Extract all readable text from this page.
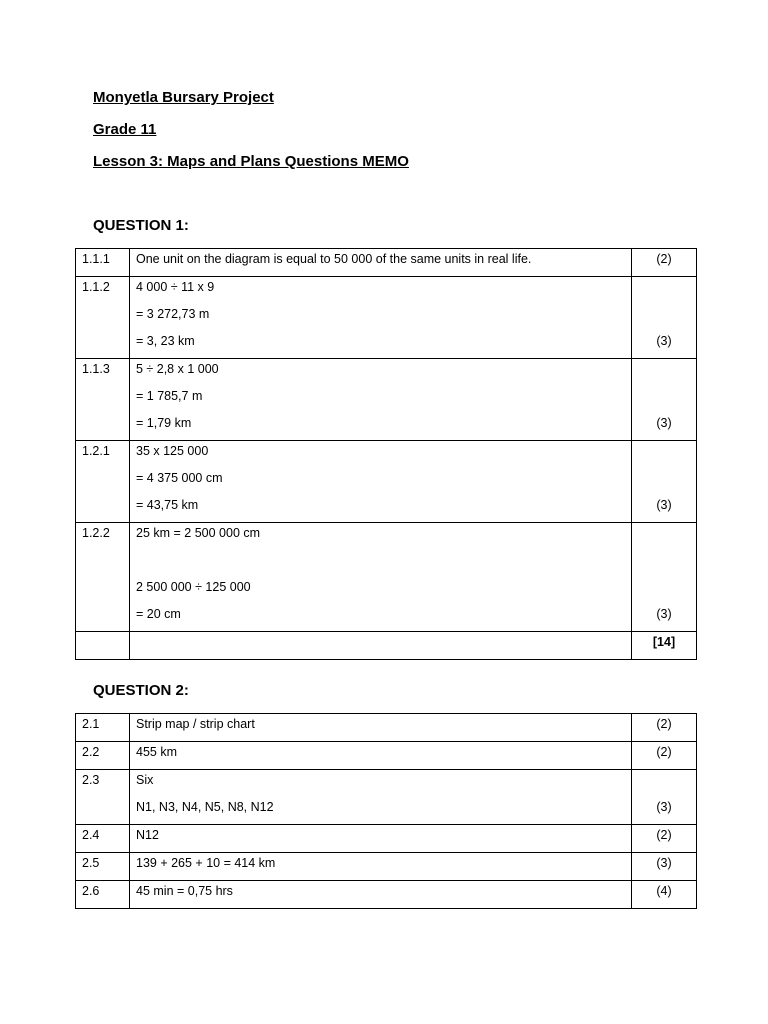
Monyetla Bursary Project
Grade 11
Lesson 3: Maps and Plans Questions MEMO
QUESTION 1:
1.1.1	One unit on the diagram is equal to 50 000 of the same units in real life.	(2)

1.1.2	4 000 ÷ 11 x 9
= 3 272,73 m
= 3, 23 km	(3)

1.1.3	5 ÷ 2,8 x 1 000
= 1 785,7 m
= 1,79 km	(3)

1.2.1	35 x 125 000
= 4 375 000 cm
= 43,75 km	(3)

1.2.2	25 km = 2 500 000 cm
2 500 000 ÷ 125 000
= 20 cm	(3)

		[14]
QUESTION 2:
2.1	Strip map / strip chart	(2)

2.2	455 km	(2)

2.3	Six
N1, N3, N4, N5, N8, N12	(3)

2.4	N12	(2)

2.5	139 + 265 + 10 = 414 km	(3)

2.6	45 min = 0,75 hrs	(4)
